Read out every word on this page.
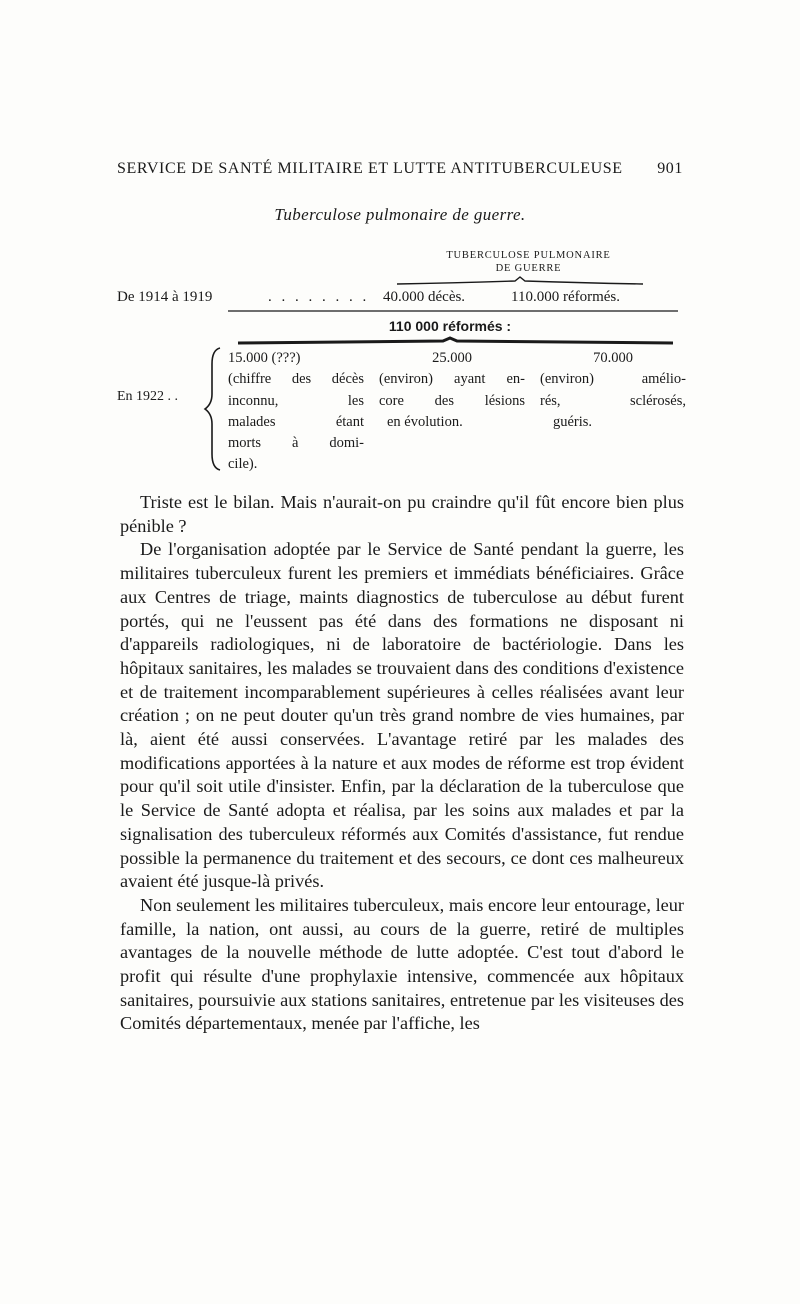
SERVICE DE SANTÉ MILITAIRE ET LUTTE ANTITUBERCULEUSE 901
Tuberculose pulmonaire de guerre.
TUBERCULOSE PULMONAIRE
DE GUERRE
De 1914 à 1919	. . . . . . . . 40.000 décès.	110.000 réformés.
110 000 réformés :
En 1922 . .
15.000 (???)
(chiffre des décès
inconnu, les
malades étant
morts à domi-
cile).
25.000
(environ) ayant en-
core des lésions
en évolution.
70.000
(environ) amélio-
rés, sclérosés,
guéris.

Triste est le bilan. Mais n'aurait-on pu craindre qu'il fût encore bien plus pénible ?

De l'organisation adoptée par le Service de Santé pendant la guerre, les militaires tuberculeux furent les premiers et immédiats bénéficiaires. Grâce aux Centres de triage, maints diagnostics de tuberculose au début furent portés, qui ne l'eussent pas été dans des formations ne disposant ni d'appareils radiologiques, ni de laboratoire de bactériologie. Dans les hôpitaux sanitaires, les malades se trouvaient dans des conditions d'existence et de traitement incomparablement supérieures à celles réalisées avant leur création ; on ne peut douter qu'un très grand nombre de vies humaines, par là, aient été aussi conservées. L'avantage retiré par les malades des modifications apportées à la nature et aux modes de réforme est trop évident pour qu'il soit utile d'insister. Enfin, par la déclaration de la tuberculose que le Service de Santé adopta et réalisa, par les soins aux malades et par la signalisation des tuberculeux réformés aux Comités d'assistance, fut rendue possible la permanence du traitement et des secours, ce dont ces malheureux avaient été jusque-là privés.

Non seulement les militaires tuberculeux, mais encore leur entourage, leur famille, la nation, ont aussi, au cours de la guerre, retiré de multiples avantages de la nouvelle méthode de lutte adoptée. C'est tout d'abord le profit qui résulte d'une prophylaxie intensive, commencée aux hôpitaux sanitaires, poursuivie aux stations sanitaires, entretenue par les visiteuses des Comités départementaux, menée par l'affiche, les
